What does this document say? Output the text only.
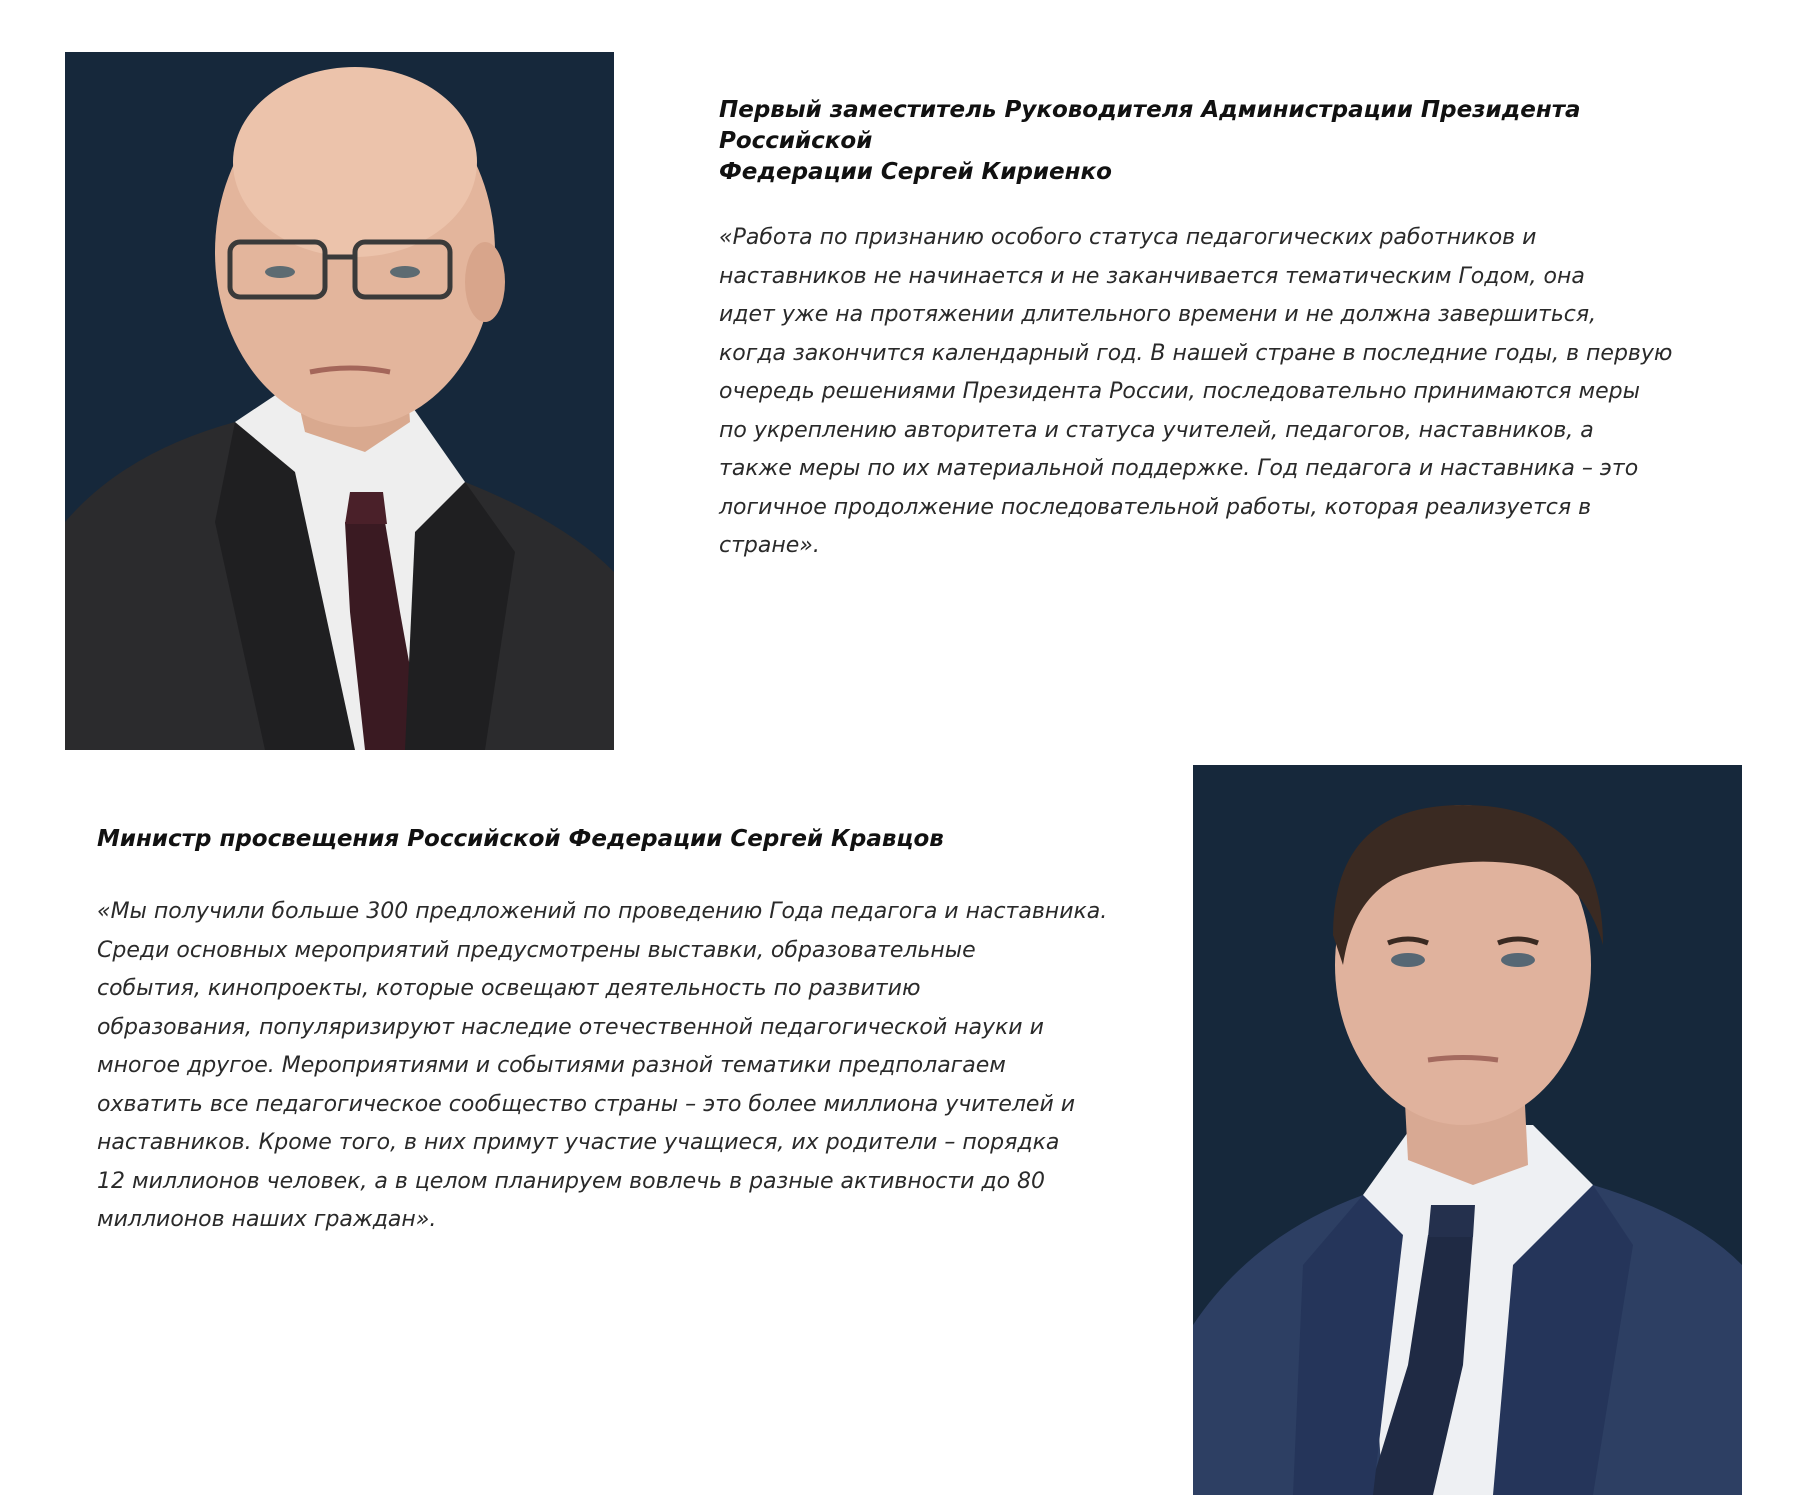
Первый заместитель Руководителя Администрации Президента Российской
Федерации Сергей Кириенко

«Работа по признанию особого статуса педагогических работников и
наставников не начинается и не заканчивается тематическим Годом, она
идет уже на протяжении длительного времени и не должна завершиться,
когда закончится календарный год. В нашей стране в последние годы, в первую
очередь решениями Президента России, последовательно принимаются меры
по укреплению авторитета и статуса учителей, педагогов, наставников, а
также меры по их материальной поддержке. Год педагога и наставника – это
логичное продолжение последовательной работы, которая реализуется в
стране».

Министр просвещения Российской Федерации Сергей Кравцов

«Мы получили больше 300 предложений по проведению Года педагога и наставника.
Среди основных мероприятий предусмотрены выставки, образовательные
события, кинопроекты, которые освещают деятельность по развитию
образования, популяризируют наследие отечественной педагогической науки и
многое другое. Мероприятиями и событиями разной тематики предполагаем
охватить все педагогическое сообщество страны – это более миллиона учителей и
наставников. Кроме того, в них примут участие учащиеся, их родители – порядка
12 миллионов человек, а в целом планируем вовлечь в разные активности до 80
миллионов наших граждан».
